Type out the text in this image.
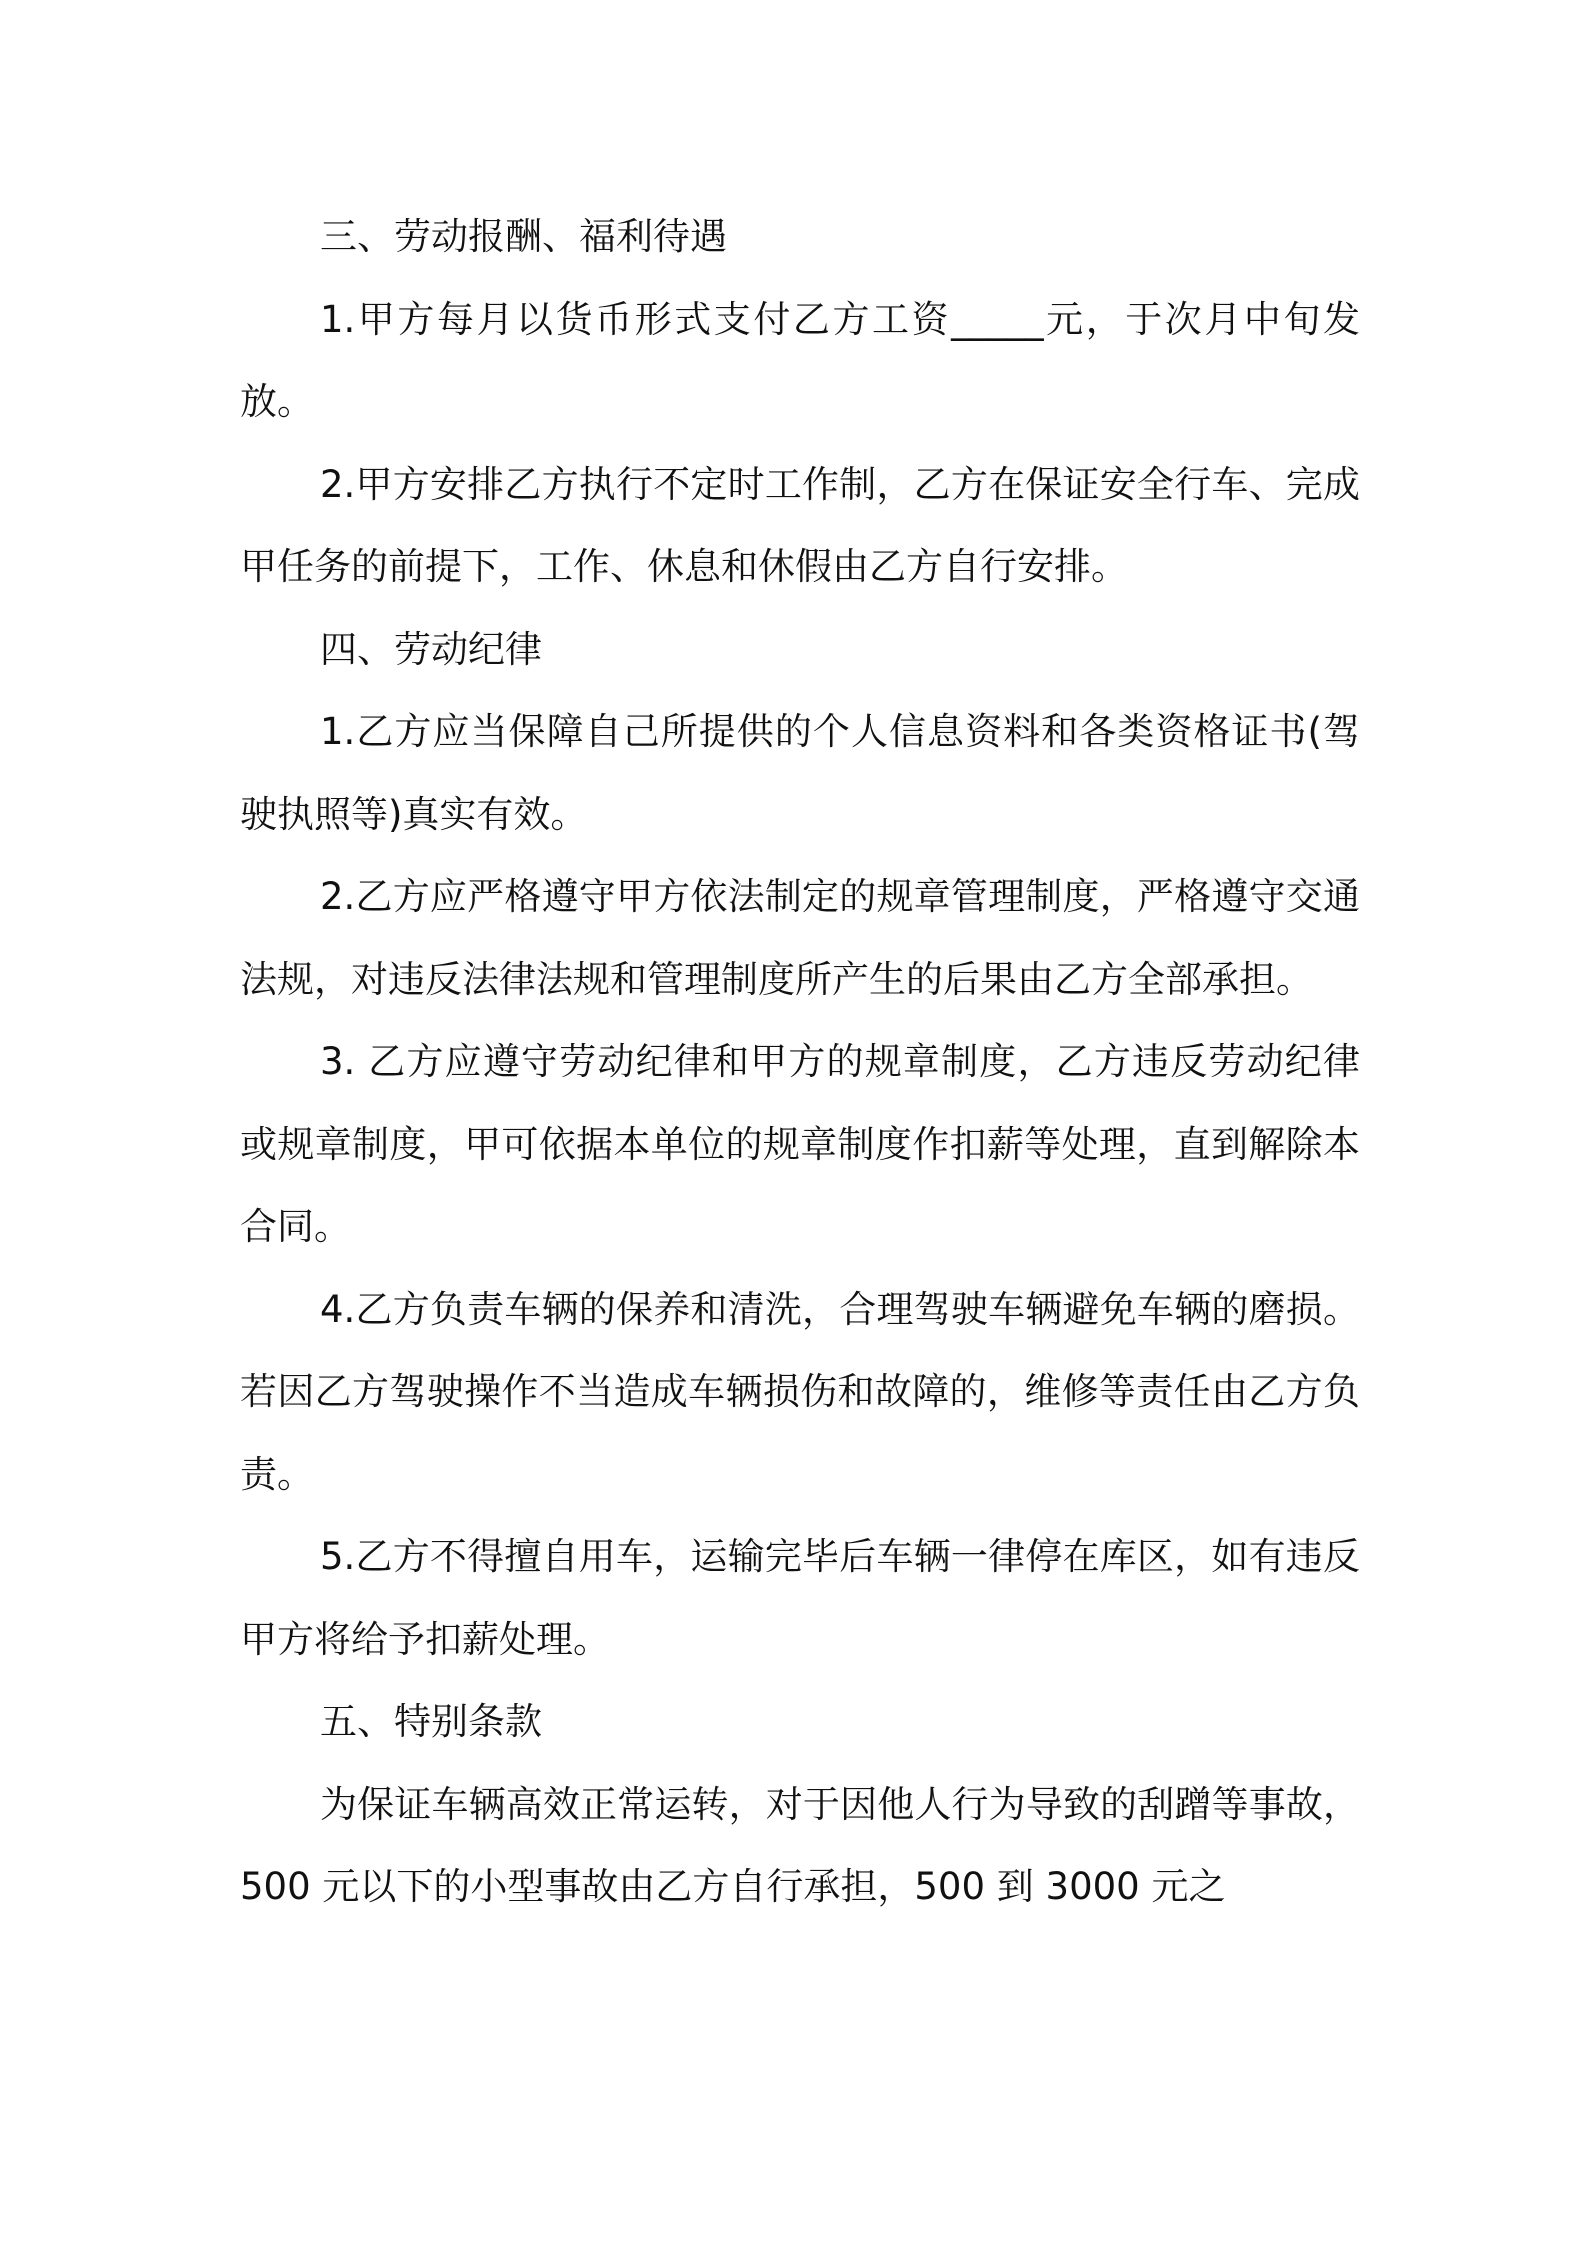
三、劳动报酬、福利待遇

1.甲方每月以货币形式支付乙方工资_____元，于次月中旬发放。

2.甲方安排乙方执行不定时工作制，乙方在保证安全行车、完成甲任务的前提下，工作、休息和休假由乙方自行安排。

四、劳动纪律

1.乙方应当保障自己所提供的个人信息资料和各类资格证书(驾驶执照等)真实有效。

2.乙方应严格遵守甲方依法制定的规章管理制度，严格遵守交通法规，对违反法律法规和管理制度所产生的后果由乙方全部承担。

3. 乙方应遵守劳动纪律和甲方的规章制度，乙方违反劳动纪律或规章制度，甲可依据本单位的规章制度作扣薪等处理，直到解除本合同。

4.乙方负责车辆的保养和清洗，合理驾驶车辆避免车辆的磨损。若因乙方驾驶操作不当造成车辆损伤和故障的，维修等责任由乙方负责。

5.乙方不得擅自用车，运输完毕后车辆一律停在库区，如有违反甲方将给予扣薪处理。

五、特别条款

为保证车辆高效正常运转，对于因他人行为导致的刮蹭等事故，500 元以下的小型事故由乙方自行承担，500 到 3000 元之
